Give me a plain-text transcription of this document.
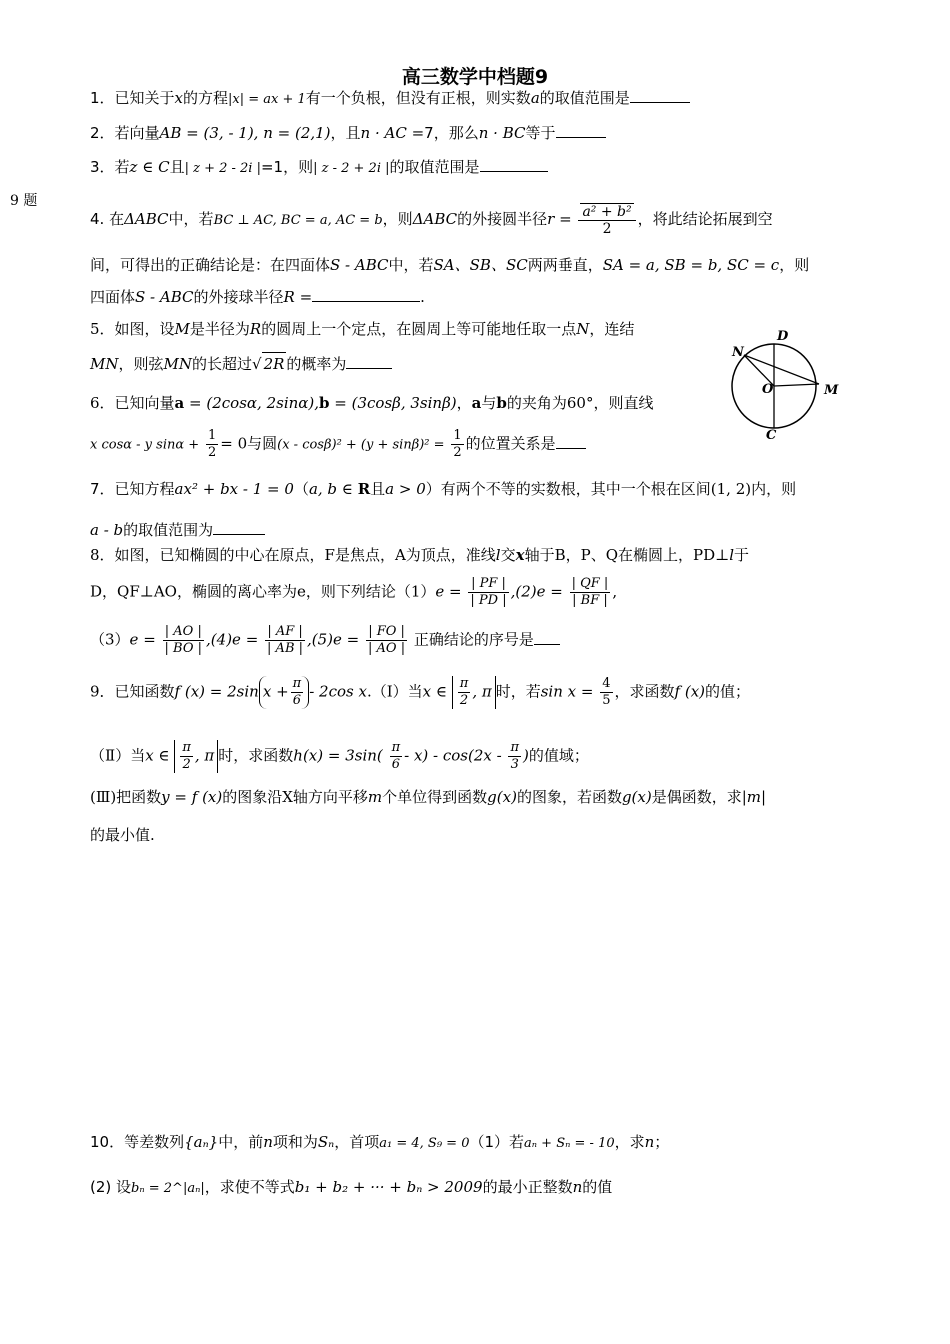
高三数学中档题9
9 题
1．已知关于x的方程|x| = ax + 1有一个负根，但没有正根，则实数a的取值范围是
2．若向量AB = (3, - 1), n = (2,1)，且n · AC =7，那么n · BC等于
3．若z ∈ C且| z + 2 - 2i |=1，则| z - 2 + 2i |的取值范围是
4. 在ΔABC中，若BC ⊥ AC, BC = a, AC = b，则ΔABC的外接圆半径$r = \frac{\text{a² + b²}}{2}$ ，将此结论拓展到空
间，可得出的正确结论是：在四面体S - ABC中，若SA、SB、SC两两垂直，SA = a, SB = b, SC = c，则
四面体S - ABC的外接球半径R =	.
5．如图，设M是半径为R的圆周上一个定点，在圆周上等可能地任取一点N，连结
MN，则弦MN的长超过√ 2R 的概率为
D
N
O	M
C
6．已知向量a = (2cosα, 2sinα),b = (3cosβ, 3sinβ)，a与b的夹角为60°，则直线
x cosα - y $\sin\alpha + \frac{1}{2} = 0$与圆$(x - \cos\beta)^2 + (y + \sin\beta)^2 = \frac{1}{2}$ 的位置关系是
7．已知方程ax² + bx - 1 = 0（a, b ∈ R且a > 0）有两个不等的实数根，其中一个根在区间(1, 2)内，则
a - b的取值范围为
8．如图，已知椭圆的中心在原点，F是焦点，A为顶点，准线l交x轴于B，P、Q在椭圆上，PD⊥l于
D，QF⊥AO，椭圆的离心率为e，则下列结论$(1)e = \frac{| PF |}{| PD |} ,(2)e = \frac{| QF |}{| BF |}$ ,
$(3)e = \frac{| AO |}{| BO |} ,(4)e = \frac{| AF |}{| AB |} ,(5)e = \frac{| FO |}{| AO |}$ 正确结论的序号是
9．已知函数f (x) = 2sin $x + \frac{\pi}{6} - 2\cos$ x.（Ⅰ）当x ∈ $\frac{\pi}{2}$ , π 时，若$\sin x = \frac{4}{5}$ ，求函数f (x)的值；
（Ⅱ）当x ∈ $\frac{\pi}{2}$ , π 时，求函数$h(x) = 3\sin( \frac{\pi}{6} - x) - \cos(2x - \frac{\pi}{3}$ )的值域；
(Ⅲ)把函数y = f (x)的图象沿X轴方向平移m个单位得到函数g(x)的图象，若函数g(x)是偶函数，求|m|
的最小值.
10．等差数列{aₙ}中，前n项和为Sₙ，首项a₁ = 4, S₉ = 0（1）若aₙ + Sₙ = - 10，求n；
(2) 设bₙ = 2^|aₙ|，求使不等式b₁ + b₂ + ··· + bₙ > 2009的最小正整数n的值
